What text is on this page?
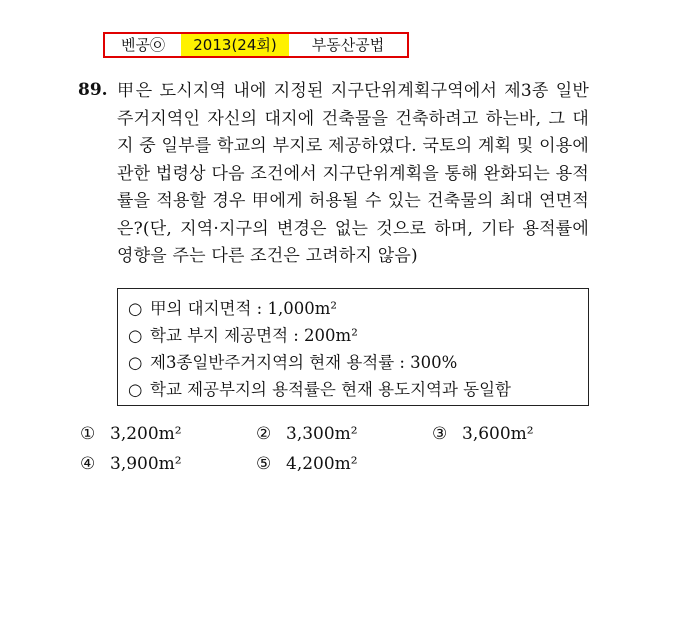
벤공㉧	2013(24회)	부동산공법
89. 甲은 도시지역 내에 지정된 지구단위계획구역에서 제3종 일반주거지역인 자신의 대지에 건축물을 건축하려고 하는바, 그 대지 중 일부를 학교의 부지로 제공하였다. 국토의 계획 및 이용에 관한 법령상 다음 조건에서 지구단위계획을 통해 완화되는 용적률을 적용할 경우 甲에게 허용될 수 있는 건축물의 최대 연면적은?(단, 지역·지구의 변경은 없는 것으로 하며, 기타 용적률에 영향을 주는 다른 조건은 고려하지 않음)
○ 甲의 대지면적 : 1,000m²
○ 학교 부지 제공면적 : 200m²
○ 제3종일반주거지역의 현재 용적률 : 300%
○ 학교 제공부지의 용적률은 현재 용도지역과 동일함
① 3,200m²	② 3,300m²	③ 3,600m²
④ 3,900m²	⑤ 4,200m²
